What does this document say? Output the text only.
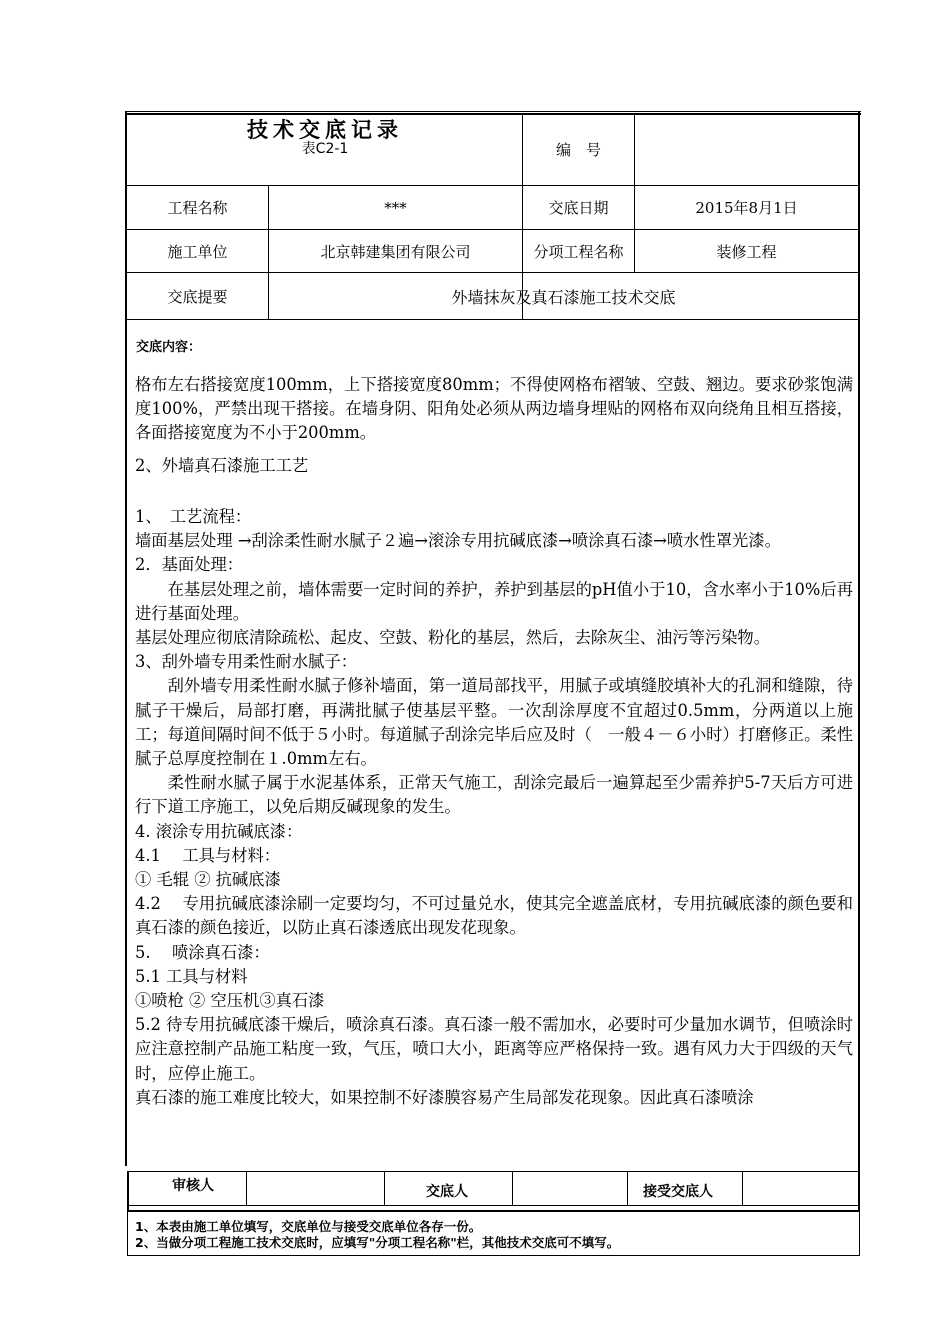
技术交底记录
表C2-1	编　号
工程名称	***	交底日期	2015年8月1日
施工单位	北京韩建集团有限公司	分项工程名称	装修工程
交底提要	外墙抹灰及真石漆施工技术交底
交底内容：

格布左右搭接宽度100mm，上下搭接宽度80mm；不得使网格布褶皱、空鼓、翘边。要求砂浆饱满度100%，严禁出现干搭接。在墙身阴、阳角处必须从两边墙身埋贴的网格布双向绕角且相互搭接，各面搭接宽度为不小于200mm。

2、外墙真石漆施工工艺

1、　工艺流程：

墙面基层处理 →刮涂柔性耐水腻子２遍→滚涂专用抗碱底漆→喷涂真石漆→喷水性罩光漆。

2．基面处理：

在基层处理之前，墙体需要一定时间的养护，养护到基层的pH值小于10，含水率小于10%后再进行基面处理。

基层处理应彻底清除疏松、起皮、空鼓、粉化的基层，然后，去除灰尘、油污等污染物。

3、刮外墙专用柔性耐水腻子：

刮外墙专用柔性耐水腻子修补墙面，第一道局部找平，用腻子或填缝胶填补大的孔洞和缝隙，待腻子干燥后，局部打磨，再满批腻子使基层平整。一次刮涂厚度不宜超过0.5mm，分两道以上施工；每道间隔时间不低于５小时。每道腻子刮涂完毕后应及时（　一般４－６小时）打磨修正。柔性腻子总厚度控制在１.0mm左右。

柔性耐水腻子属于水泥基体系，正常天气施工，刮涂完最后一遍算起至少需养护5-7天后方可进行下道工序施工，以免后期反碱现象的发生。

4. 滚涂专用抗碱底漆：

4.1　 工具与材料：

① 毛辊 ② 抗碱底漆

4.2　 专用抗碱底漆涂刷一定要均匀，不可过量兑水，使其完全遮盖底材，专用抗碱底漆的颜色要和真石漆的颜色接近，以防止真石漆透底出现发花现象。

5.　 喷涂真石漆：

5.1 工具与材料

①喷枪 ② 空压机③真石漆

5.2 待专用抗碱底漆干燥后，喷涂真石漆。真石漆一般不需加水，必要时可少量加水调节，但喷涂时应注意控制产品施工粘度一致，气压，喷口大小，距离等应严格保持一致。遇有风力大于四级的天气时，应停止施工。

真石漆的施工难度比较大，如果控制不好漆膜容易产生局部发花现象。因此真石漆喷涂

审核人	交底人	接受交底人
1、本表由施工单位填写，交底单位与接受交底单位各存一份。
2、当做分项工程施工技术交底时，应填写"分项工程名称"栏，其他技术交底可不填写。
